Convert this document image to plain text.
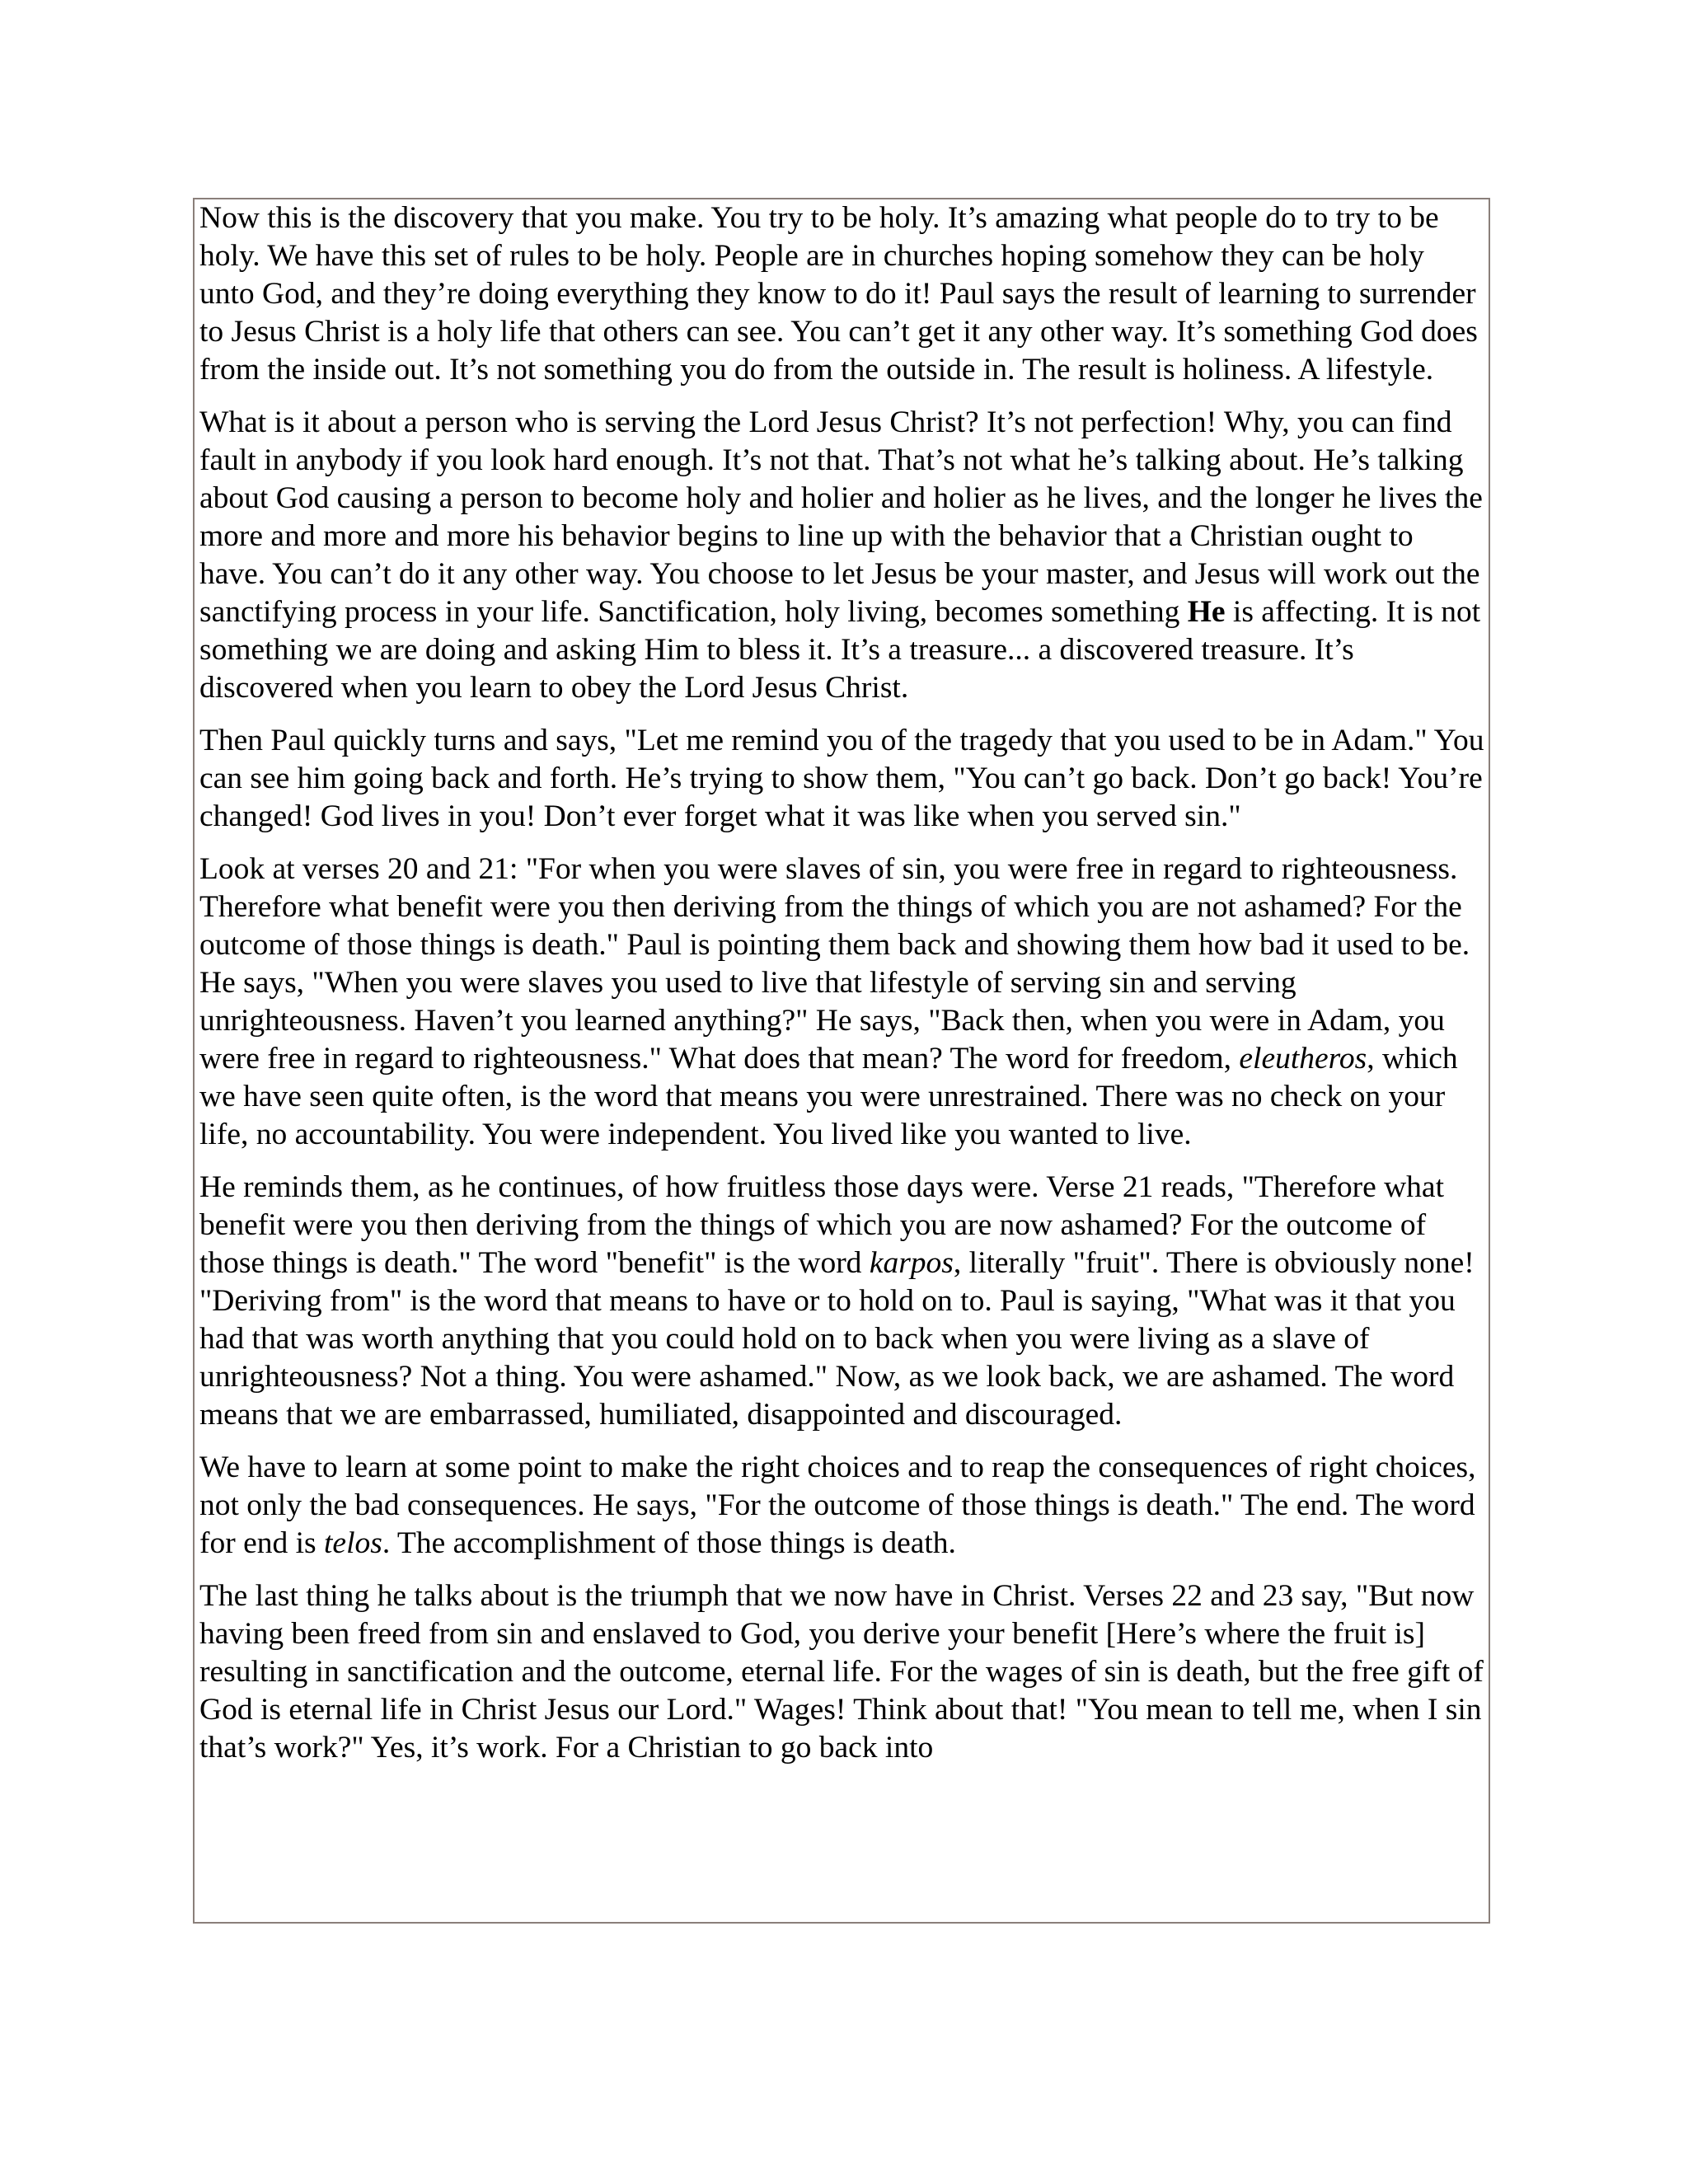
Now this is the discovery that you make. You try to be holy. It’s amazing what people do to try to be holy. We have this set of rules to be holy. People are in churches hoping somehow they can be holy unto God, and they’re doing everything they know to do it! Paul says the result of learning to surrender to Jesus Christ is a holy life that others can see. You can’t get it any other way. It’s something God does from the inside out. It’s not something you do from the outside in. The result is holiness. A lifestyle.

What is it about a person who is serving the Lord Jesus Christ? It’s not perfection! Why, you can find fault in anybody if you look hard enough. It’s not that. That’s not what he’s talking about. He’s talking about God causing a person to become holy and holier and holier as he lives, and the longer he lives the more and more and more his behavior begins to line up with the behavior that a Christian ought to have. You can’t do it any other way. You choose to let Jesus be your master, and Jesus will work out the sanctifying process in your life. Sanctification, holy living, becomes something He is affecting. It is not something we are doing and asking Him to bless it. It’s a treasure... a discovered treasure. It’s discovered when you learn to obey the Lord Jesus Christ.

Then Paul quickly turns and says, "Let me remind you of the tragedy that you used to be in Adam." You can see him going back and forth. He’s trying to show them, "You can’t go back. Don’t go back! You’re changed! God lives in you! Don’t ever forget what it was like when you served sin."

Look at verses 20 and 21: "For when you were slaves of sin, you were free in regard to righteousness. Therefore what benefit were you then deriving from the things of which you are not ashamed? For the outcome of those things is death." Paul is pointing them back and showing them how bad it used to be. He says, "When you were slaves you used to live that lifestyle of serving sin and serving unrighteousness. Haven’t you learned anything?" He says, "Back then, when you were in Adam, you were free in regard to righteousness." What does that mean? The word for freedom, eleutheros, which we have seen quite often, is the word that means you were unrestrained. There was no check on your life, no accountability. You were independent. You lived like you wanted to live.

He reminds them, as he continues, of how fruitless those days were. Verse 21 reads, "Therefore what benefit were you then deriving from the things of which you are now ashamed? For the outcome of those things is death." The word "benefit" is the word karpos, literally "fruit". There is obviously none! "Deriving from" is the word that means to have or to hold on to. Paul is saying, "What was it that you had that was worth anything that you could hold on to back when you were living as a slave of unrighteousness? Not a thing. You were ashamed." Now, as we look back, we are ashamed. The word means that we are embarrassed, humiliated, disappointed and discouraged.

We have to learn at some point to make the right choices and to reap the consequences of right choices, not only the bad consequences. He says, "For the outcome of those things is death." The end. The word for end is telos. The accomplishment of those things is death.

The last thing he talks about is the triumph that we now have in Christ. Verses 22 and 23 say, "But now having been freed from sin and enslaved to God, you derive your benefit [Here’s where the fruit is] resulting in sanctification and the outcome, eternal life. For the wages of sin is death, but the free gift of God is eternal life in Christ Jesus our Lord." Wages! Think about that! "You mean to tell me, when I sin that’s work?" Yes, it’s work. For a Christian to go back into
